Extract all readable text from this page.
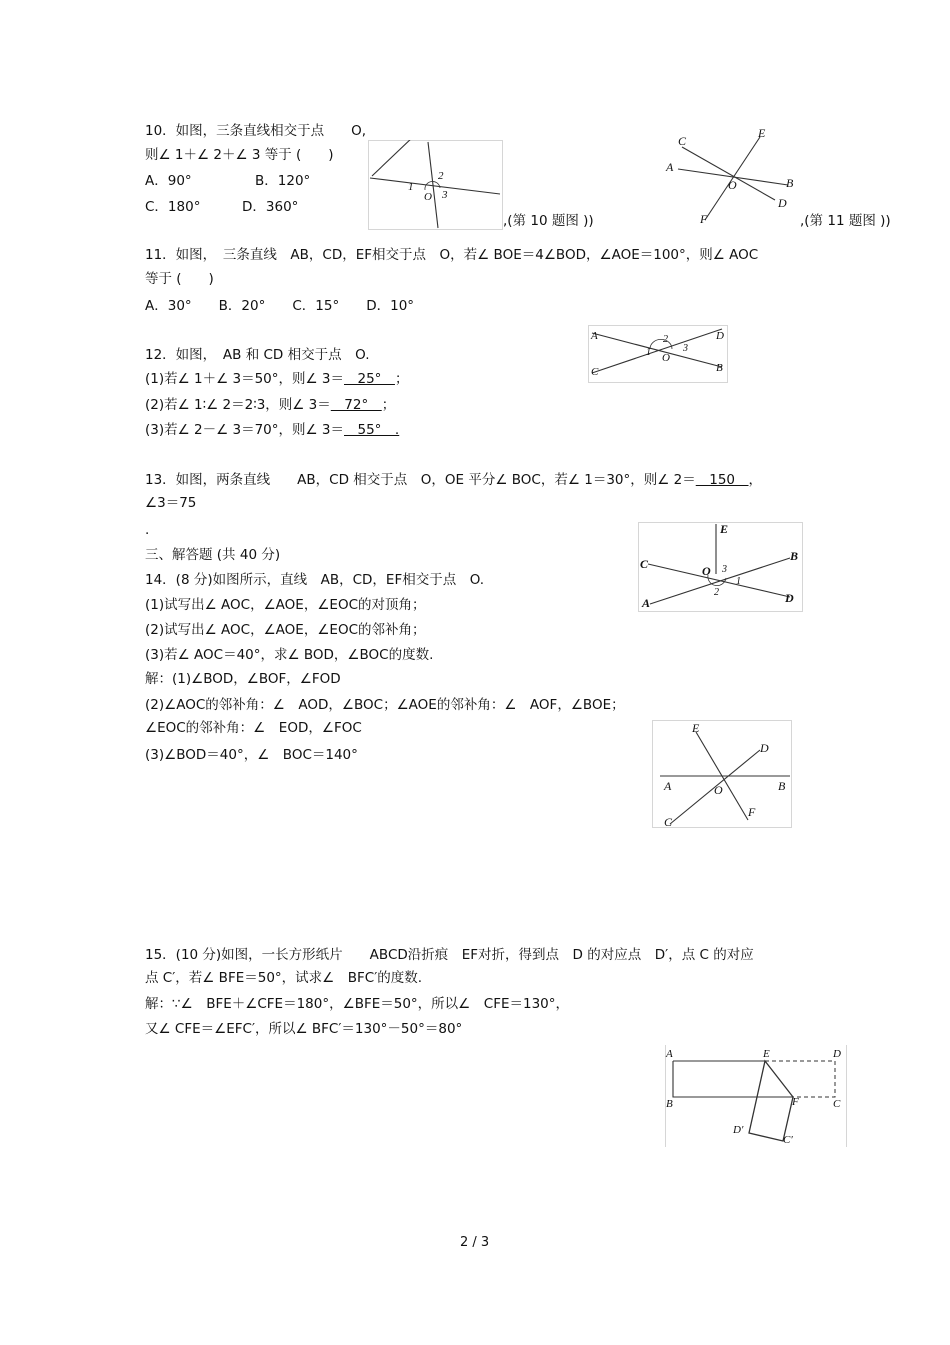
10．如图，三条直线相交于点　　O,
则∠ 1＋∠ 2＋∠ 3 等于 (　　)
A．90°	B．120°
C．180°	D．360°
1
2
3
O
,(第 10 题图 ))
C
E
A
O	B
D
F	,(第 11 题图 ))
11．如图，　三条直线　AB，CD，EF相交于点　O，若∠ BOE＝4∠BOD，∠AOE＝100°，则∠ AOC
等于 (　　)
A．30°　　B．20°　　C．15°　　D．10°
12．如图，　AB 和 CD 相交于点　O.
(1)若∠ 1＋∠ 3＝50°，则∠ 3＝　25°　；
(2)若∠ 1∶∠ 2＝2∶3，则∠ 3＝　72°　；
(3)若∠ 2－∠ 3＝70°，则∠ 3＝　55°　.
A	D
C	B
O
1
2
3
13．如图，两条直线　　AB，CD 相交于点　O，OE 平分∠ BOC，若∠ 1＝30°，则∠ 2＝　150　，
∠3＝75
.	E
C
B
A	D
O 3
1
2
三、解答题 (共 40 分)
14．(8 分)如图所示，直线　AB，CD，EF相交于点　O.
(1)试写出∠ AOC，∠AOE，∠EOC的对顶角；
(2)试写出∠ AOC，∠AOE，∠EOC的邻补角；
(3)若∠ AOC＝40°，求∠ BOD，∠BOC的度数.
解：(1)∠BOD，∠BOF，∠FOD
(2)∠AOC的邻补角：∠　AOD，∠BOC；∠AOE的邻补角：∠　AOF，∠BOE；
∠EOC的邻补角：∠　EOD，∠FOC
(3)∠BOD＝40°，∠　BOC＝140°
E
D
A	B
O
F
C
15．(10 分)如图，一长方形纸片　　ABCD沿折痕　EF对折，得到点　D 的对应点　D′，点 C 的对应
点 C′，若∠ BFE＝50°，试求∠　BFC′的度数.
解：∵∠　BFE＋∠CFE＝180°，∠BFE＝50°，所以∠　CFE＝130°，
又∠ CFE＝∠EFC′，所以∠ BFC′＝130°－50°＝80°
A	E	D
B	F	C
D′
C′
2 / 3
